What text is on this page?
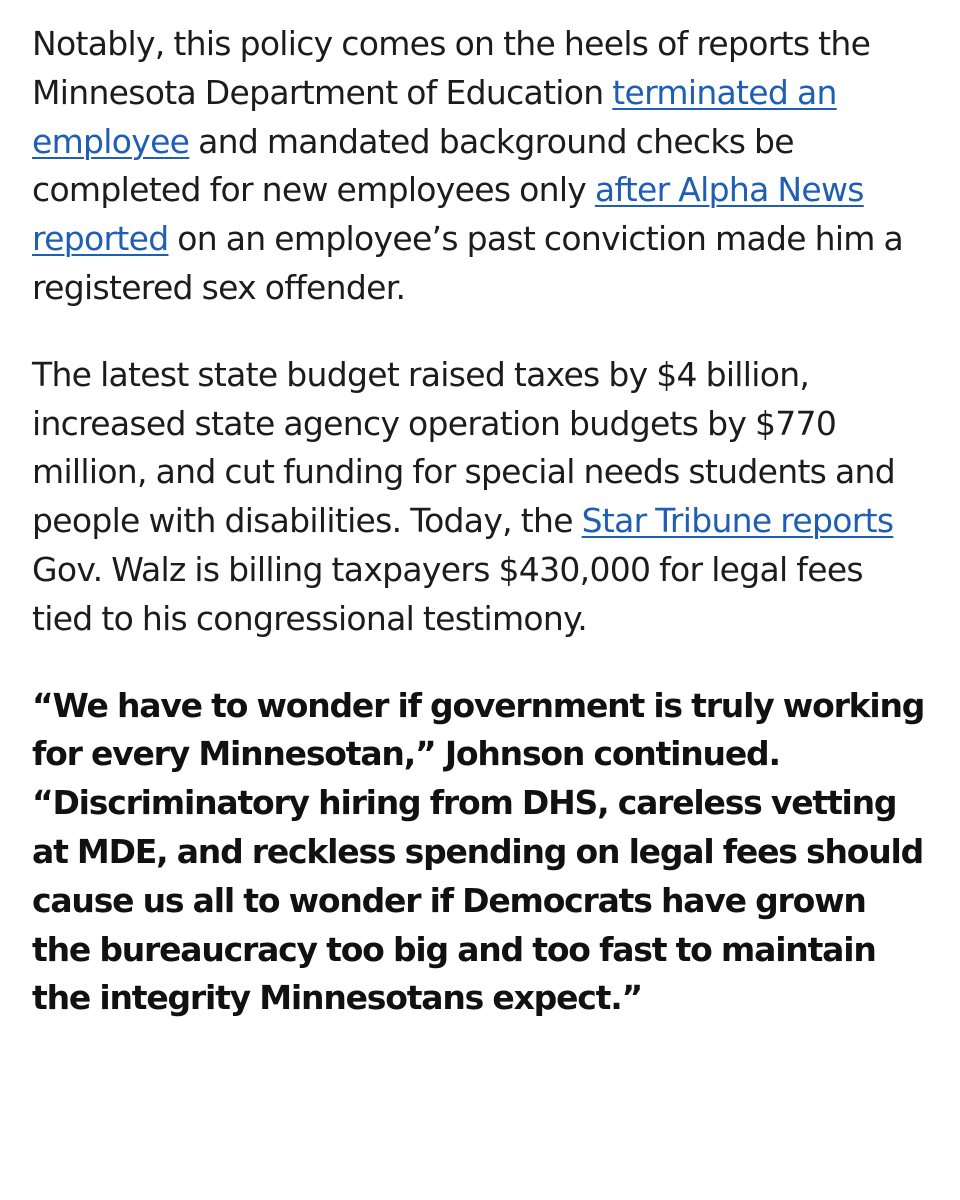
Notably, this policy comes on the heels of reports the Minnesota Department of Education terminated an employee and mandated background checks be completed for new employees only after Alpha News reported on an employee’s past conviction made him a registered sex offender.

The latest state budget raised taxes by $4 billion, increased state agency operation budgets by $770 million, and cut funding for special needs students and people with disabilities. Today, the Star Tribune reports Gov. Walz is billing taxpayers $430,000 for legal fees tied to his congressional testimony.

“We have to wonder if government is truly working for every Minnesotan,” Johnson continued. “Discriminatory hiring from DHS, careless vetting at MDE, and reckless spending on legal fees should cause us all to wonder if Democrats have grown the bureaucracy too big and too fast to maintain the integrity Minnesotans expect.”
